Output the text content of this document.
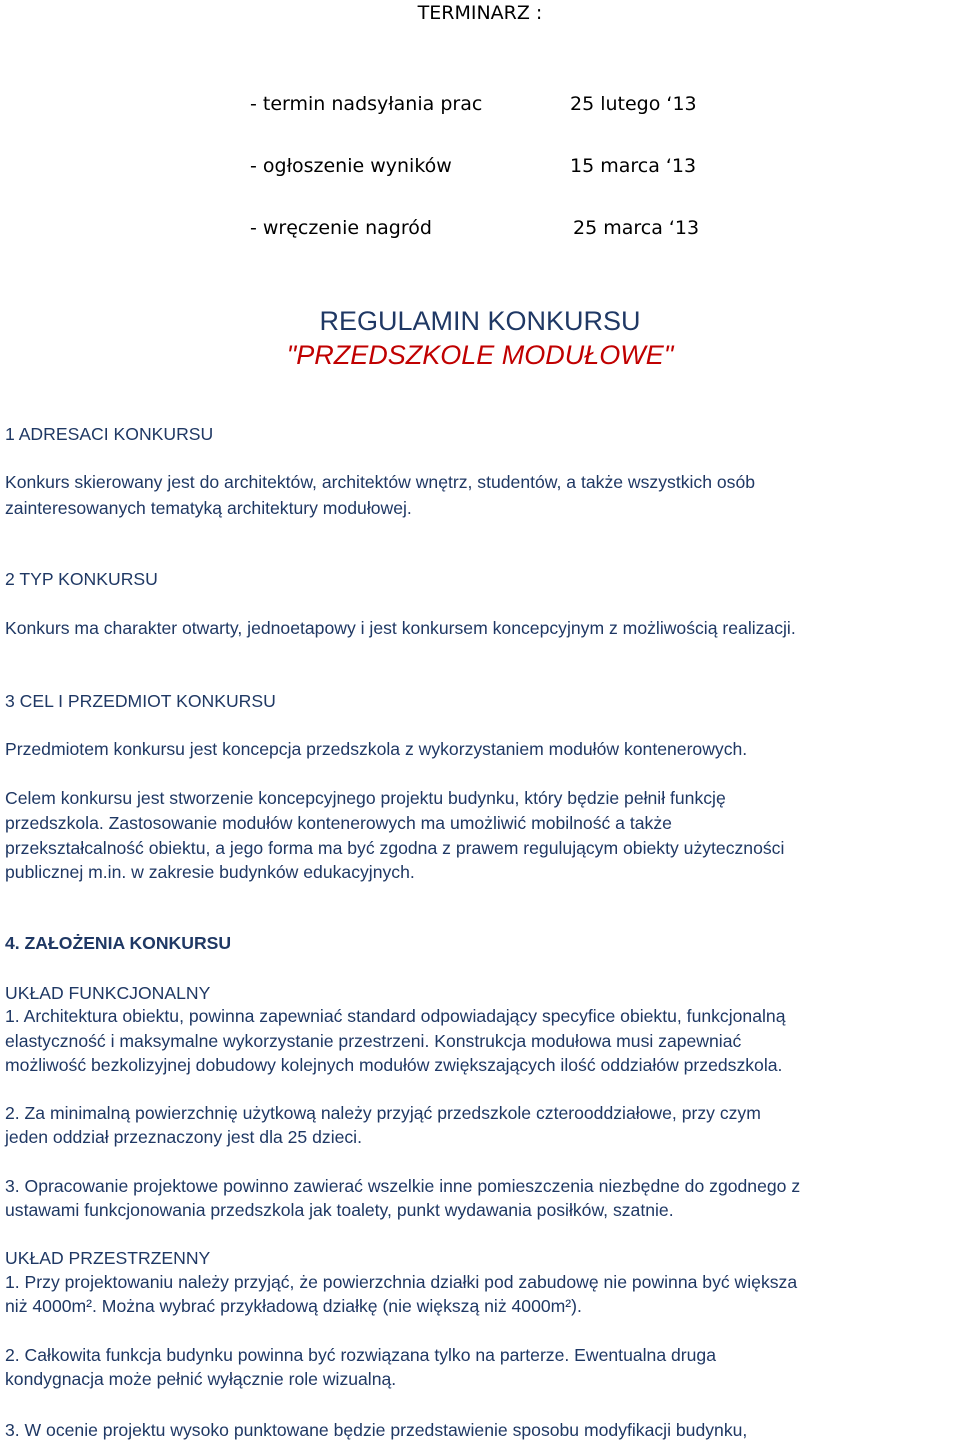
TERMINARZ :
- termin nadsyłania prac	25 lutego ‘13
- ogłoszenie wyników	15 marca ‘13
- wręczenie nagród	25 marca ‘13
REGULAMIN KONKURSU
"PRZEDSZKOLE MODUŁOWE"
1 ADRESACI KONKURSU
Konkurs skierowany jest do architektów, architektów wnętrz, studentów, a także wszystkich osób
zainteresowanych tematyką architektury modułowej.
2 TYP KONKURSU
Konkurs ma charakter otwarty, jednoetapowy i jest konkursem koncepcyjnym z możliwością realizacji.
3 CEL I PRZEDMIOT KONKURSU
Przedmiotem konkursu jest koncepcja przedszkola z wykorzystaniem modułów kontenerowych.
Celem konkursu jest stworzenie koncepcyjnego projektu budynku, który będzie pełnił funkcję
przedszkola. Zastosowanie modułów kontenerowych ma umożliwić mobilność a także
przekształcalność obiektu, a jego forma ma być zgodna z prawem regulującym obiekty użyteczności
publicznej m.in. w zakresie budynków edukacyjnych.
4. ZAŁOŻENIA KONKURSU
UKŁAD FUNKCJONALNY
1. Architektura obiektu, powinna zapewniać standard odpowiadający specyfice obiektu, funkcjonalną
elastyczność i maksymalne wykorzystanie przestrzeni. Konstrukcja modułowa musi zapewniać
możliwość bezkolizyjnej dobudowy kolejnych modułów zwiększających ilość oddziałów przedszkola.
2. Za minimalną powierzchnię użytkową należy przyjąć przedszkole czterooddziałowe, przy czym
jeden oddział przeznaczony jest dla 25 dzieci.
3. Opracowanie projektowe powinno zawierać wszelkie inne pomieszczenia niezbędne do zgodnego z
ustawami funkcjonowania przedszkola jak toalety, punkt wydawania posiłków, szatnie.
UKŁAD PRZESTRZENNY
1. Przy projektowaniu należy przyjąć, że powierzchnia działki pod zabudowę nie powinna być większa
niż 4000m². Można wybrać przykładową działkę (nie większą niż 4000m²).
2. Całkowita funkcja budynku powinna być rozwiązana tylko na parterze. Ewentualna druga
kondygnacja może pełnić wyłącznie role wizualną.
3. W ocenie projektu wysoko punktowane będzie przedstawienie sposobu modyfikacji budynku,
